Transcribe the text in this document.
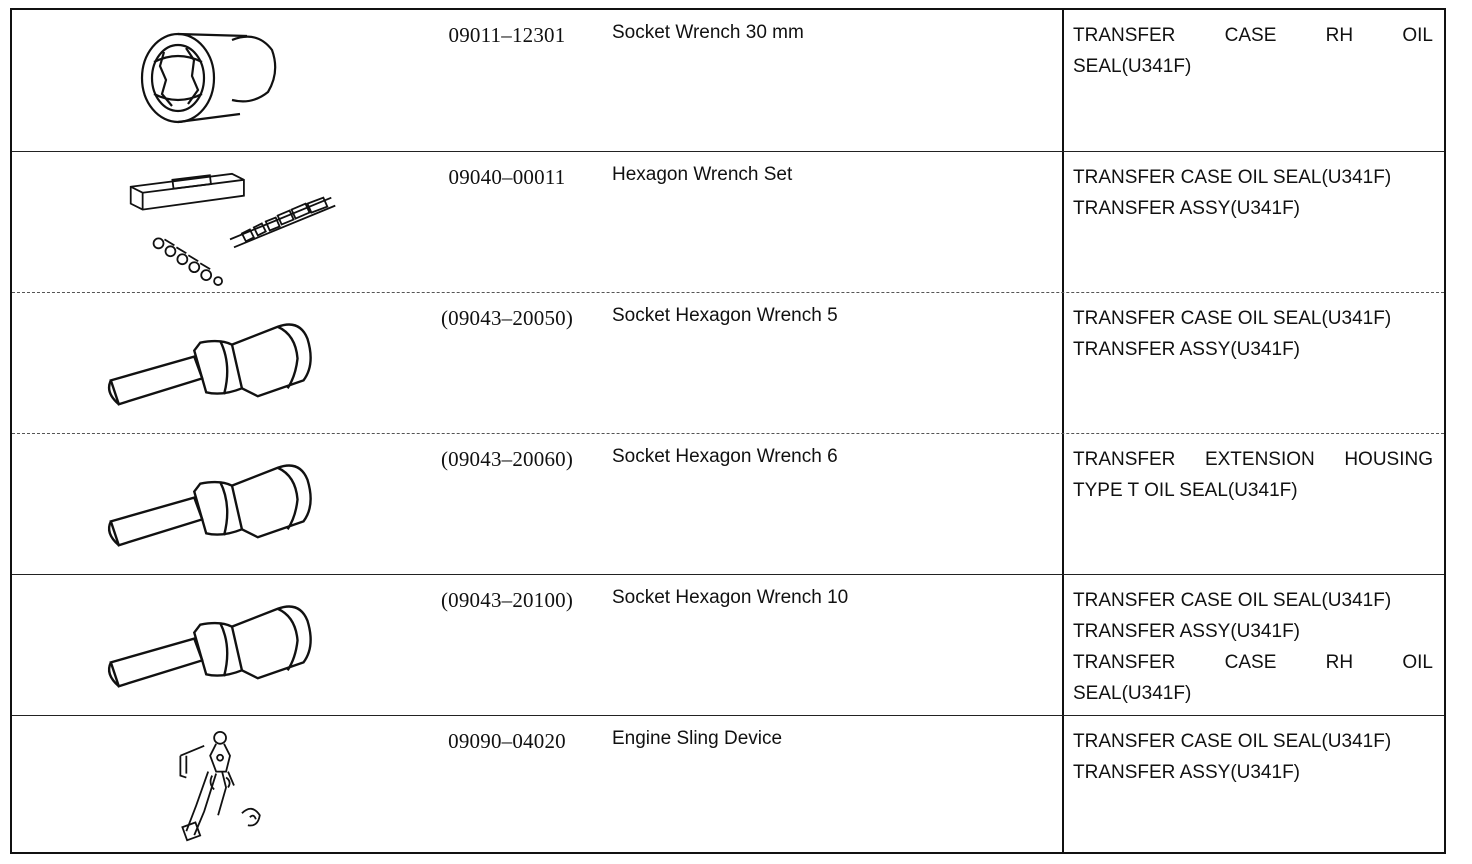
09011–12301	Socket Wrench 30 mm	TRANSFER CASE RH OIL
SEAL(U341F)
09040–00011	Hexagon Wrench Set	TRANSFER CASE OIL SEAL(U341F)
TRANSFER ASSY(U341F)
(09043–20050)	Socket Hexagon Wrench 5	TRANSFER CASE OIL SEAL(U341F)
TRANSFER ASSY(U341F)
(09043–20060)	Socket Hexagon Wrench 6	TRANSFER EXTENSION HOUSING
TYPE T OIL SEAL(U341F)
(09043–20100)	Socket Hexagon Wrench 10	TRANSFER CASE OIL SEAL(U341F)
TRANSFER ASSY(U341F)
TRANSFER CASE RH OIL
SEAL(U341F)
09090–04020	Engine Sling Device	TRANSFER CASE OIL SEAL(U341F)
TRANSFER ASSY(U341F)
